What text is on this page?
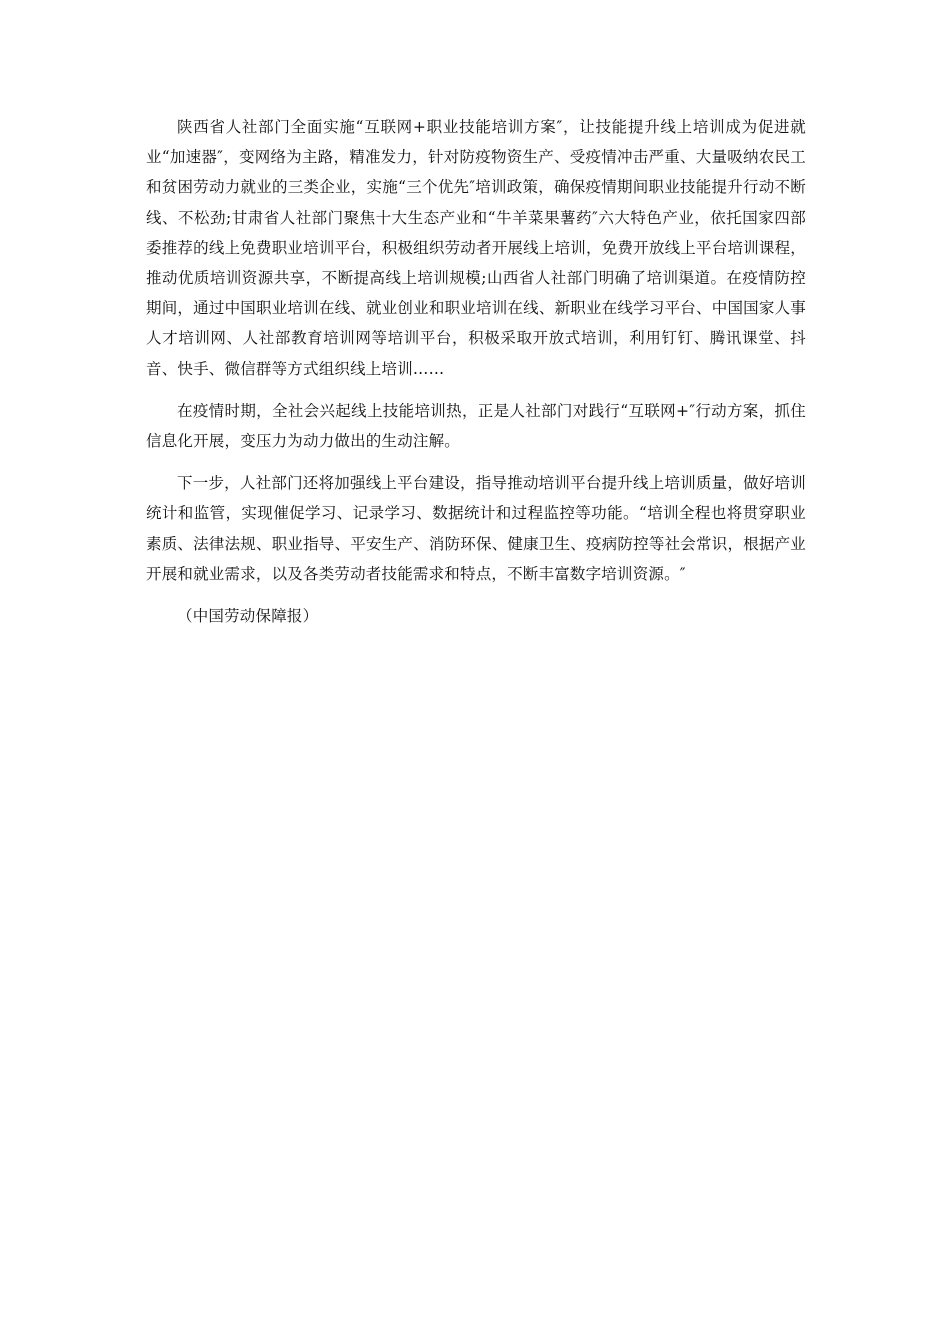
陕西省人社部门全面实施“互联网+职业技能培训方案″，让技能提升线上培训成为促进就业“加速器″，变网络为主路，精准发力，针对防疫物资生产、受疫情冲击严重、大量吸纳农民工和贫困劳动力就业的三类企业，实施“三个优先″培训政策，确保疫情期间职业技能提升行动不断线、不松劲;甘肃省人社部门聚焦十大生态产业和“牛羊菜果薯药″六大特色产业，依托国家四部委推荐的线上免费职业培训平台，积极组织劳动者开展线上培训，免费开放线上平台培训课程，推动优质培训资源共享，不断提高线上培训规模;山西省人社部门明确了培训渠道。在疫情防控期间，通过中国职业培训在线、就业创业和职业培训在线、新职业在线学习平台、中国国家人事人才培训网、人社部教育培训网等培训平台，积极采取开放式培训，利用钉钉、腾讯课堂、抖音、快手、微信群等方式组织线上培训……

在疫情时期，全社会兴起线上技能培训热，正是人社部门对践行“互联网+″行动方案，抓住信息化开展，变压力为动力做出的生动注解。

下一步，人社部门还将加强线上平台建设，指导推动培训平台提升线上培训质量，做好培训统计和监管，实现催促学习、记录学习、数据统计和过程监控等功能。“培训全程也将贯穿职业素质、法律法规、职业指导、平安生产、消防环保、健康卫生、疫病防控等社会常识，根据产业开展和就业需求，以及各类劳动者技能需求和特点，不断丰富数字培训资源。″

（中国劳动保障报）
